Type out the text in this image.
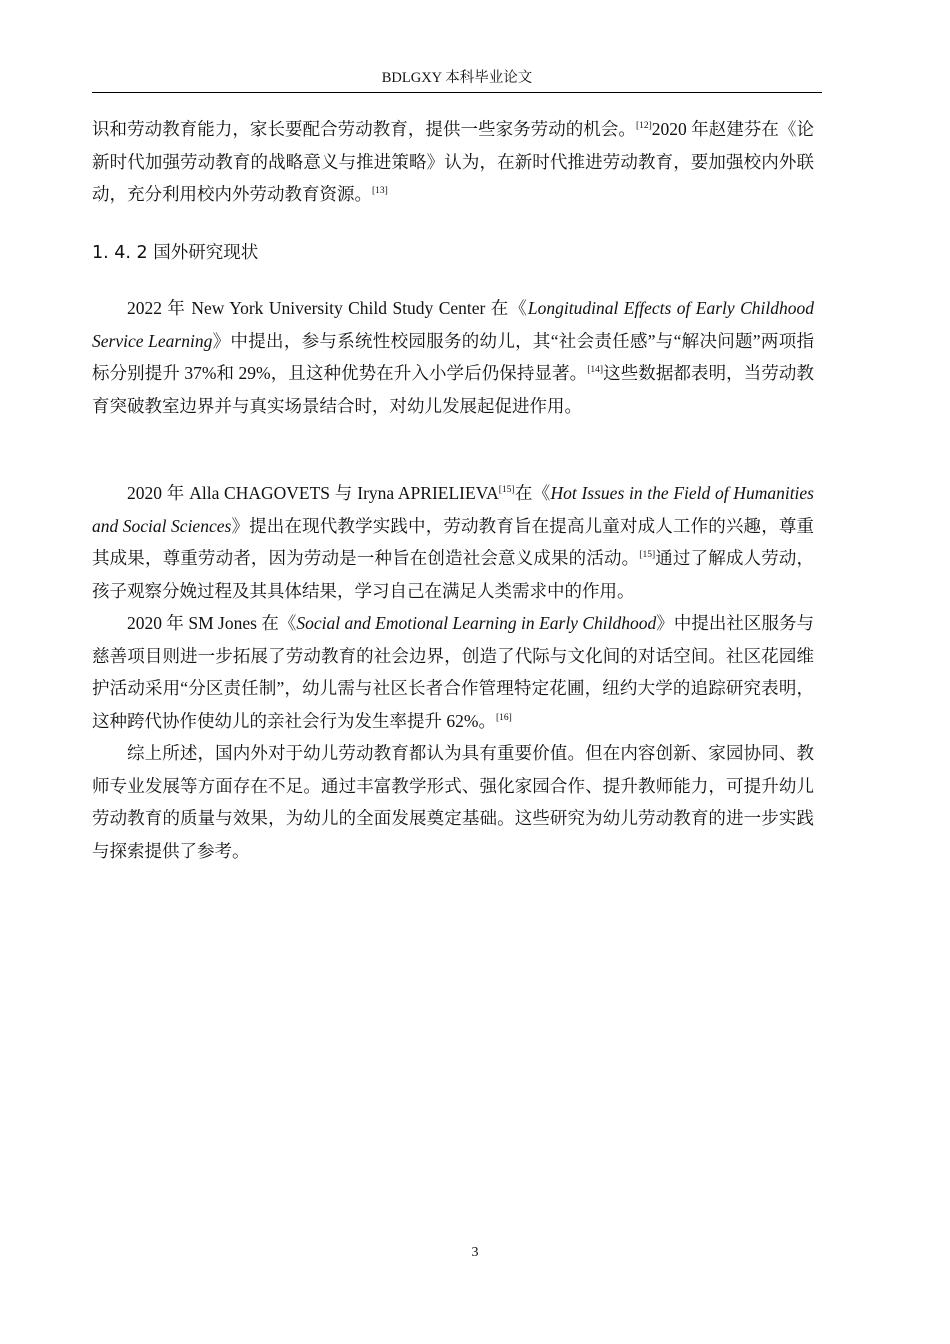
BDLGXY 本科毕业论文

识和劳动教育能力，家长要配合劳动教育，提供一些家务劳动的机会。[12]2020 年赵建芬在《论新时代加强劳动教育的战略意义与推进策略》认为，在新时代推进劳动教育，要加强校内外联动，充分利用校内外劳动教育资源。[13]

1. 4. 2 国外研究现状

2022 年 New York University Child Study Center 在《Longitudinal Effects of Early Childhood Service Learning》中提出，参与系统性校园服务的幼儿，其“社会责任感”与“解决问题”两项指标分别提升 37%和 29%，且这种优势在升入小学后仍保持显著。[14]这些数据都表明，当劳动教育突破教室边界并与真实场景结合时，对幼儿发展起促进作用。

2020 年 Alla CHAGOVETS 与 Iryna APRIELIEVA[15]在《Hot Issues in the Field of Humanities and Social Sciences》提出在现代教学实践中，劳动教育旨在提高儿童对成人工作的兴趣，尊重其成果，尊重劳动者，因为劳动是一种旨在创造社会意义成果的活动。[15]通过了解成人劳动，孩子观察分娩过程及其具体结果，学习自己在满足人类需求中的作用。

2020 年 SM Jones 在《Social and Emotional Learning in Early Childhood》中提出社区服务与慈善项目则进一步拓展了劳动教育的社会边界，创造了代际与文化间的对话空间。社区花园维护活动采用“分区责任制”，幼儿需与社区长者合作管理特定花圃，纽约大学的追踪研究表明，这种跨代协作使幼儿的亲社会行为发生率提升 62%。[16]

综上所述，国内外对于幼儿劳动教育都认为具有重要价值。但在内容创新、家园协同、教师专业发展等方面存在不足。通过丰富教学形式、强化家园合作、提升教师能力，可提升幼儿劳动教育的质量与效果，为幼儿的全面发展奠定基础。这些研究为幼儿劳动教育的进一步实践与探索提供了参考。

3
